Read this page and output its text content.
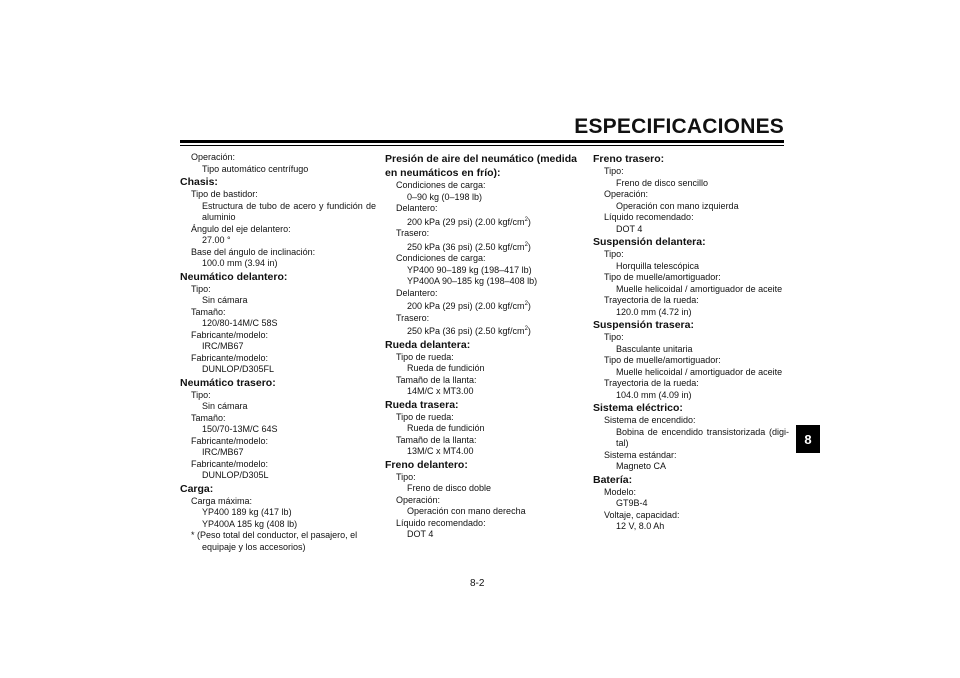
ESPECIFICACIONES
8
Operación:
Tipo automático centrífugo
Chasis:
Tipo de bastidor:
Estructura de tubo de acero y fundición de aluminio
Ángulo del eje delantero:
27.00 °
Base del ángulo de inclinación:
100.0 mm (3.94 in)
Neumático delantero:
Tipo:
Sin cámara
Tamaño:
120/80-14M/C 58S
Fabricante/modelo:
IRC/MB67
Fabricante/modelo:
DUNLOP/D305FL
Neumático trasero:
Tipo:
Sin cámara
Tamaño:
150/70-13M/C 64S
Fabricante/modelo:
IRC/MB67
Fabricante/modelo:
DUNLOP/D305L
Carga:
Carga máxima:
YP400 189 kg (417 lb)
YP400A 185 kg (408 lb)
* (Peso total del conductor, el pasajero, el equipaje y los accesorios)
Presión de aire del neumático (medida en neumáticos en frío):
Condiciones de carga:
0–90 kg (0–198 lb)
Delantero:
200 kPa (29 psi) (2.00 kgf/$cm^2$)
Trasero:
250 kPa (36 psi) (2.50 kgf/$cm^2$)
Condiciones de carga:
YP400 90–189 kg (198–417 lb)
YP400A 90–185 kg (198–408 lb)
Delantero:
200 kPa (29 psi) (2.00 kgf/$cm^2$)
Trasero:
250 kPa (36 psi) (2.50 kgf/$cm^2$)
Rueda delantera:
Tipo de rueda:
Rueda de fundición
Tamaño de la llanta:
14M/C x MT3.00
Rueda trasera:
Tipo de rueda:
Rueda de fundición
Tamaño de la llanta:
13M/C x MT4.00
Freno delantero:
Tipo:
Freno de disco doble
Operación:
Operación con mano derecha
Líquido recomendado:
DOT 4
Freno trasero:
Tipo:
Freno de disco sencillo
Operación:
Operación con mano izquierda
Líquido recomendado:
DOT 4
Suspensión delantera:
Tipo:
Horquilla telescópica
Tipo de muelle/amortiguador:
Muelle helicoidal / amortiguador de aceite
Trayectoria de la rueda:
120.0 mm (4.72 in)
Suspensión trasera:
Tipo:
Basculante unitaria
Tipo de muelle/amortiguador:
Muelle helicoidal / amortiguador de aceite
Trayectoria de la rueda:
104.0 mm (4.09 in)
Sistema eléctrico:
Sistema de encendido:
Bobina de encendido transistorizada (digi- tal)
Sistema estándar:
Magneto CA
Batería:
Modelo:
GT9B-4
Voltaje, capacidad:
12 V, 8.0 Ah
8-2
